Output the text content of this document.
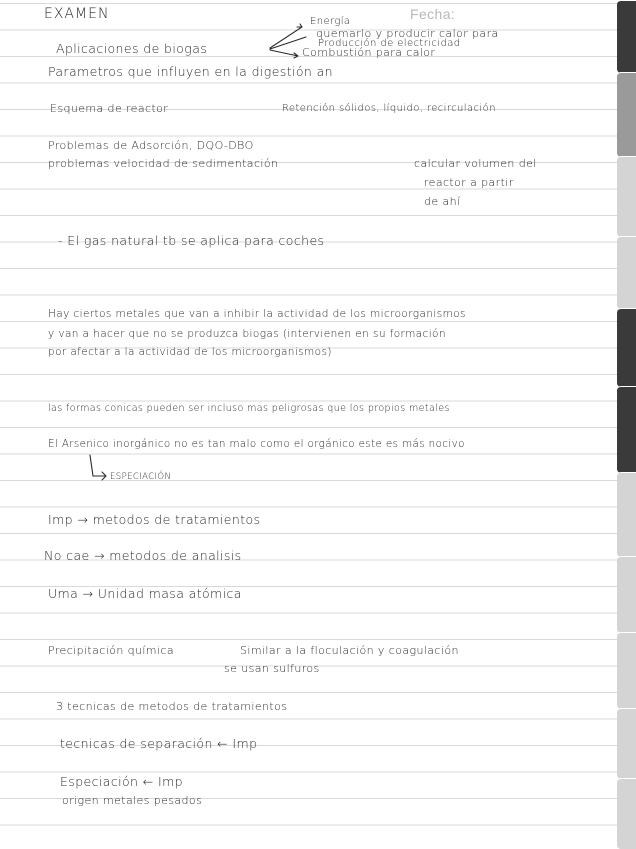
EXAMEN	Fecha:
Aplicaciones de biogas
Energía
quemarlo y producir calor para
Producción de electricidad
Combustión para calor
Parametros que influyen en la digestión an
Esquema de reactor	Retención sólidos, líquido, recirculación
Problemas de Adsorción, DQO-DBO
problemas velocidad de sedimentación	calcular volumen del
reactor a partir
de ahí
- El gas natural tb se aplica para coches
Hay ciertos metales que van a inhibir la actividad de los microorganismos
y van a hacer que no se produzca biogas (intervienen en su formación
por afectar a la actividad de los microorganismos)
las formas conicas pueden ser incluso mas peligrosas que los propios metales
El Arsenico inorgánico no es tan malo como el orgánico este es más nocivo
ESPECIACIÓN
Imp → metodos de tratamientos
No cae → metodos de analisis
Uma → Unidad masa atómica
Precipitación química	Similar a la floculación y coagulación
se usan sulfuros
3 tecnicas de metodos de tratamientos
tecnicas de separación ← Imp
Especiación ← Imp
origen metales pesados
